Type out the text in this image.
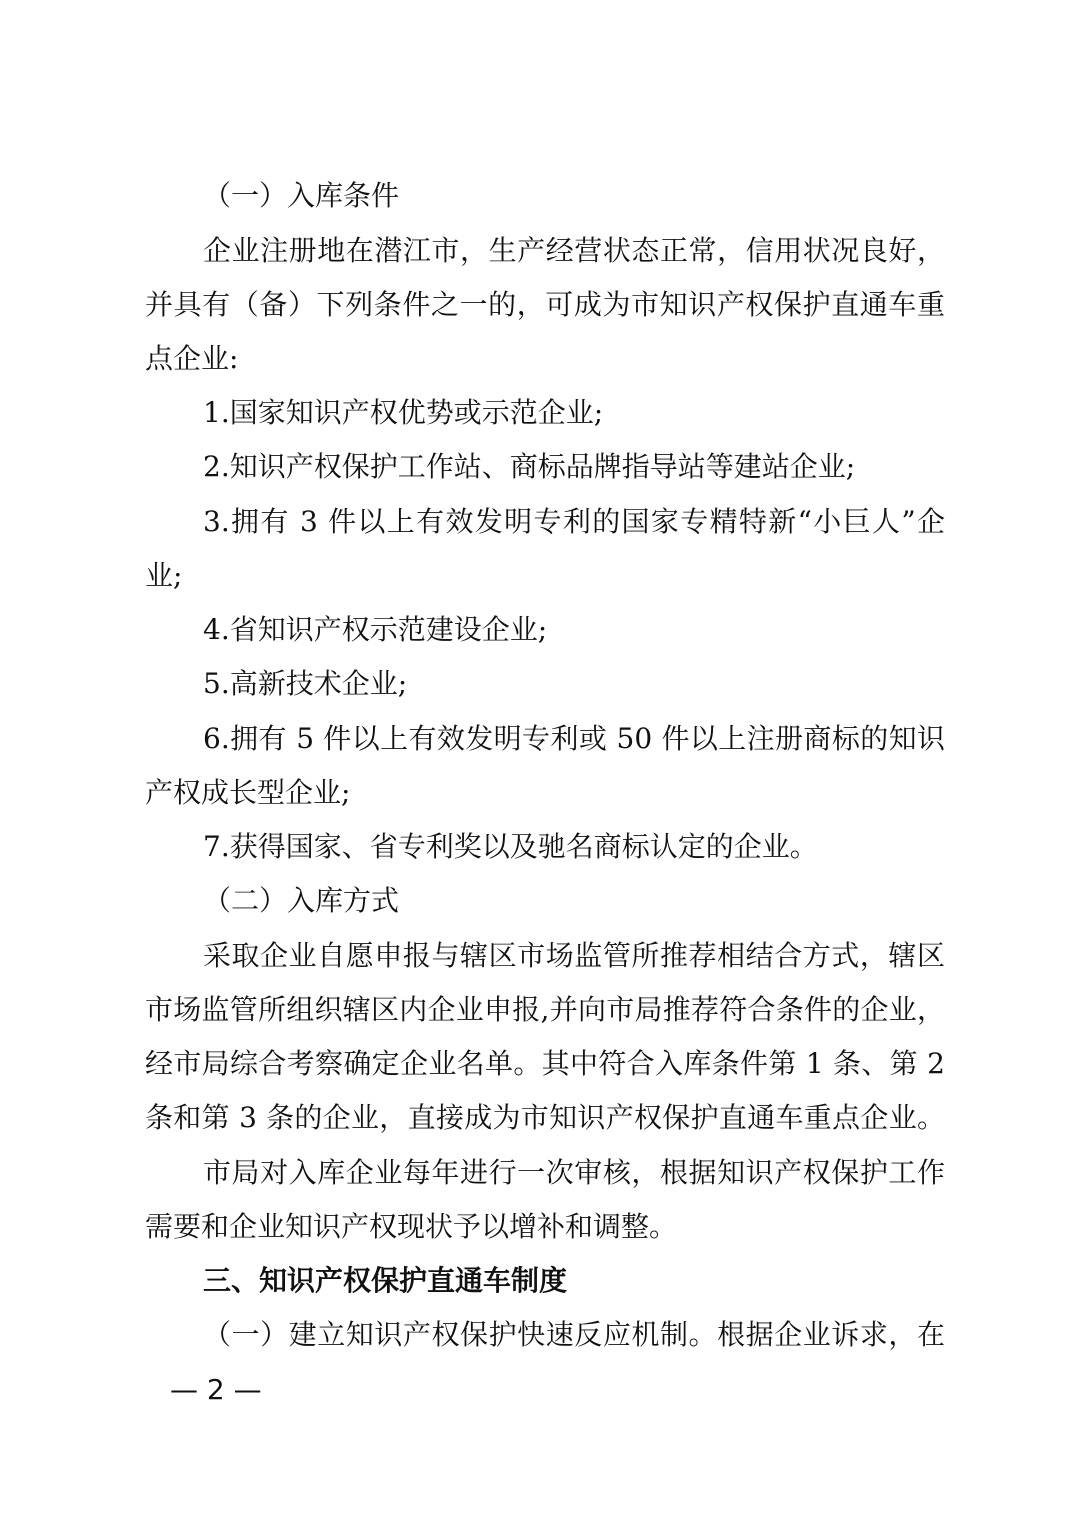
（一）入库条件
企业注册地在潜江市，生产经营状态正常，信用状况良好，
并具有（备）下列条件之一的，可成为市知识产权保护直通车重
点企业:
1.国家知识产权优势或示范企业;
2.知识产权保护工作站、商标品牌指导站等建站企业;
3.拥有 3 件以上有效发明专利的国家专精特新“小巨人”企
业;
4.省知识产权示范建设企业;
5.高新技术企业;
6.拥有 5 件以上有效发明专利或 50 件以上注册商标的知识
产权成长型企业;
7.获得国家、省专利奖以及驰名商标认定的企业。
（二）入库方式
采取企业自愿申报与辖区市场监管所推荐相结合方式，辖区
市场监管所组织辖区内企业申报,并向市局推荐符合条件的企业，
经市局综合考察确定企业名单。其中符合入库条件第 1 条、第 2
条和第 3 条的企业，直接成为市知识产权保护直通车重点企业。
市局对入库企业每年进行一次审核，根据知识产权保护工作
需要和企业知识产权现状予以增补和调整。
三、知识产权保护直通车制度
（一）建立知识产权保护快速反应机制。根据企业诉求，在
— 2 —
